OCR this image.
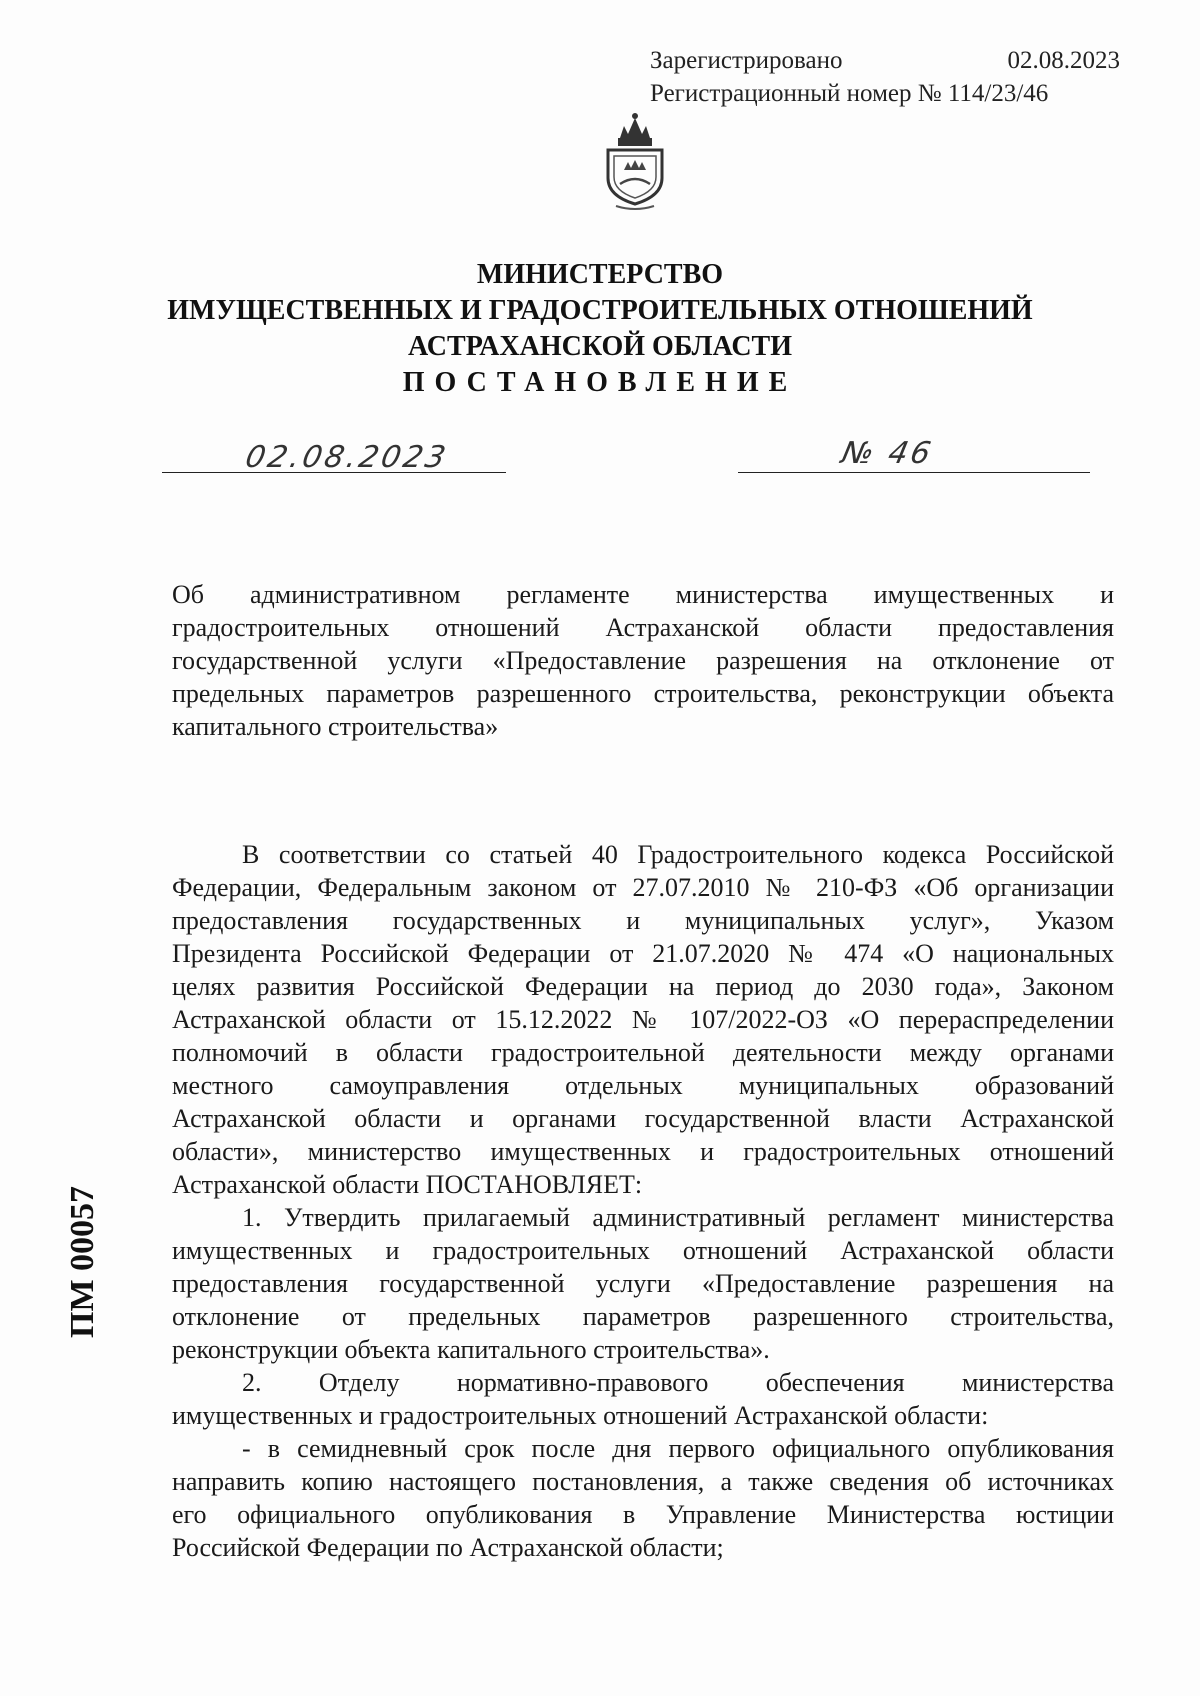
Зарегистрировано	02.08.2023
Регистрационный номер № 114/23/46
МИНИСТЕРСТВО
ИМУЩЕСТВЕННЫХ И ГРАДОСТРОИТЕЛЬНЫХ ОТНОШЕНИЙ
АСТРАХАНСКОЙ ОБЛАСТИ
ПОСТАНОВЛЕНИЕ
02.08.2023	№ 46
Об административном регламенте министерства имущественных и
градостроительных отношений Астраханской области предоставления
государственной услуги «Предоставление разрешения на отклонение от
предельных параметров разрешенного строительства, реконструкции объекта
капитального строительства»
В соответствии со статьей 40 Градостроительного кодекса Российской
Федерации, Федеральным законом от 27.07.2010 № 210-ФЗ «Об организации
предоставления государственных и муниципальных услуг», Указом
Президента Российской Федерации от 21.07.2020 № 474 «О национальных
целях развития Российской Федерации на период до 2030 года», Законом
Астраханской области от 15.12.2022 № 107/2022-ОЗ «О перераспределении
полномочий в области градостроительной деятельности между органами
местного самоуправления отдельных муниципальных образований
Астраханской области и органами государственной власти Астраханской
области», министерство имущественных и градостроительных отношений
Астраханской области ПОСТАНОВЛЯЕТ:
1. Утвердить прилагаемый административный регламент министерства
имущественных и градостроительных отношений Астраханской области
предоставления государственной услуги «Предоставление разрешения на
отклонение от предельных параметров разрешенного строительства,
реконструкции объекта капитального строительства».
2. Отделу нормативно-правового обеспечения министерства
имущественных и градостроительных отношений Астраханской области:
- в семидневный срок после дня первого официального опубликования
направить копию настоящего постановления, а также сведения об источниках
его официального опубликования в Управление Министерства юстиции
Российской Федерации по Астраханской области;
ПМ 00057
